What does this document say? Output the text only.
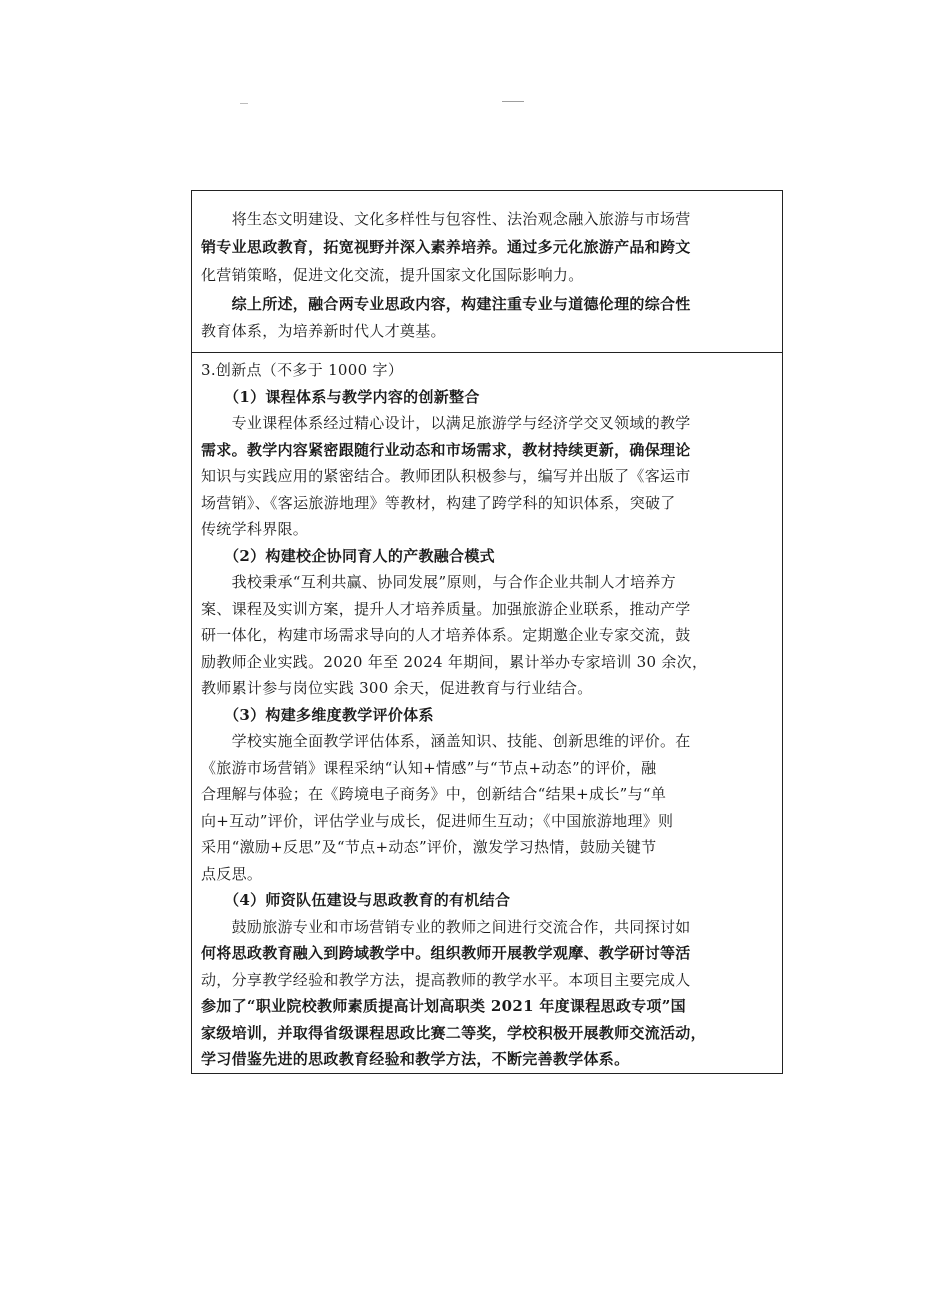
　　将生态文明建设、文化多样性与包容性、法治观念融入旅游与市场营
销专业思政教育，拓宽视野并深入素养培养。通过多元化旅游产品和跨文
化营销策略，促进文化交流，提升国家文化国际影响力。
　　综上所述，融合两专业思政内容，构建注重专业与道德伦理的综合性
教育体系，为培养新时代人才奠基。
3.创新点（不多于 1000 字）
　　（1）课程体系与教学内容的创新整合
　　专业课程体系经过精心设计，以满足旅游学与经济学交叉领域的教学
需求。教学内容紧密跟随行业动态和市场需求，教材持续更新，确保理论
知识与实践应用的紧密结合。教师团队积极参与，编写并出版了《客运市
场营销》、《客运旅游地理》等教材，构建了跨学科的知识体系，突破了
传统学科界限。
　　（2）构建校企协同育人的产教融合模式
　　我校秉承“互利共赢、协同发展”原则，与合作企业共制人才培养方
案、课程及实训方案，提升人才培养质量。加强旅游企业联系，推动产学
研一体化，构建市场需求导向的人才培养体系。定期邀企业专家交流，鼓
励教师企业实践。2020 年至 2024 年期间，累计举办专家培训 30 余次，
教师累计参与岗位实践 300 余天，促进教育与行业结合。
　　（3）构建多维度教学评价体系
　　学校实施全面教学评估体系，涵盖知识、技能、创新思维的评价。在
《旅游市场营销》课程采纳“认知+情感”与“节点+动态”的评价，融
合理解与体验；在《跨境电子商务》中，创新结合“结果+成长”与“单
向+互动”评价，评估学业与成长，促进师生互动；《中国旅游地理》则
采用“激励+反思”及“节点+动态”评价，激发学习热情，鼓励关键节
点反思。
　　（4）师资队伍建设与思政教育的有机结合
　　鼓励旅游专业和市场营销专业的教师之间进行交流合作，共同探讨如
何将思政教育融入到跨域教学中。组织教师开展教学观摩、教学研讨等活
动，分享教学经验和教学方法，提高教师的教学水平。本项目主要完成人
参加了“职业院校教师素质提高计划高职类 2021 年度课程思政专项”国
家级培训，并取得省级课程思政比赛二等奖，学校积极开展教师交流活动，
学习借鉴先进的思政教育经验和教学方法，不断完善教学体系。
